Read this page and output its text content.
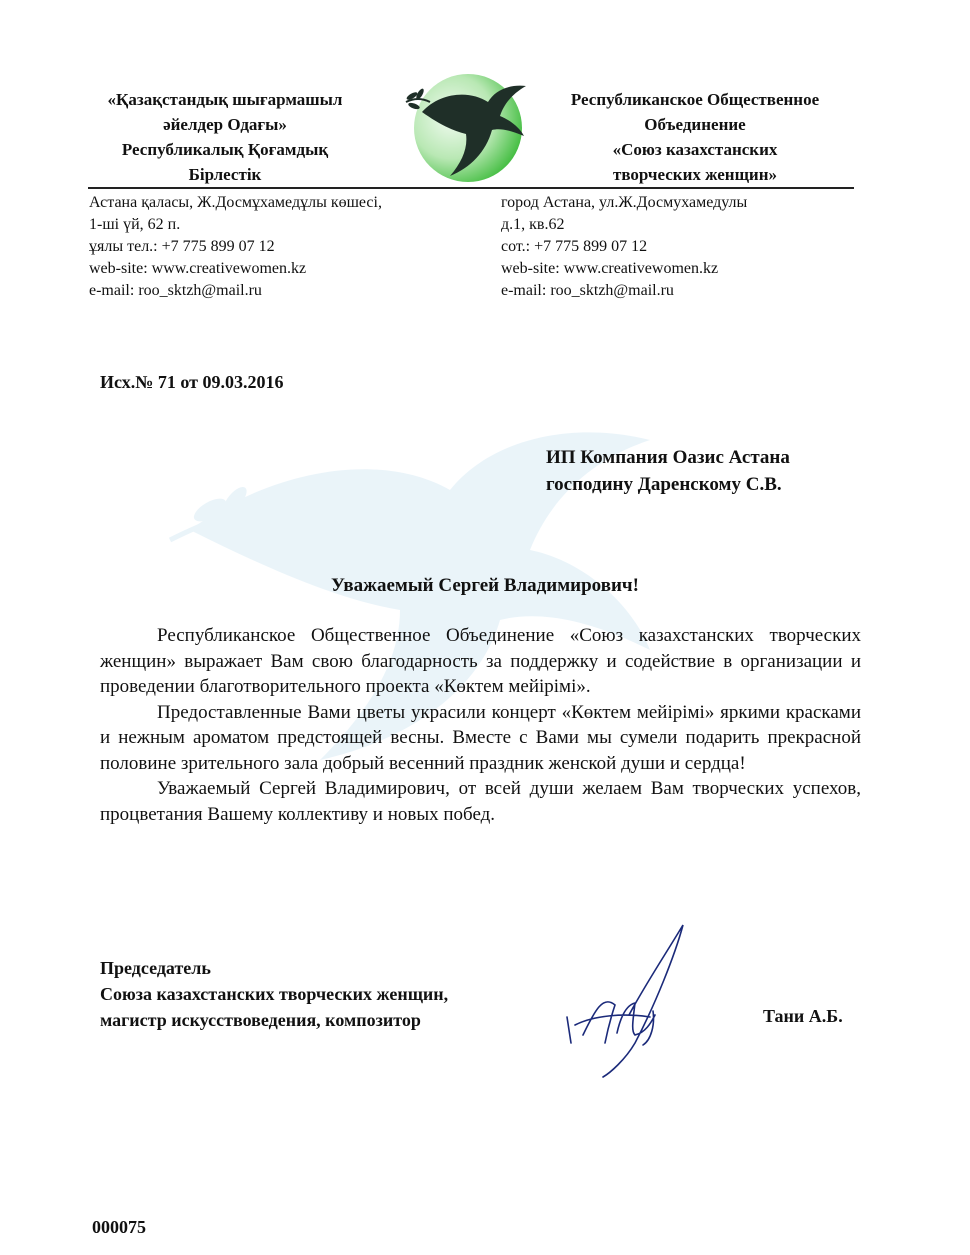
«Қазақстандық шығармашыл
әйелдер Одағы»
Республикалық Қоғамдық
Бірлестік
Республиканское Общественное
Объединение
«Союз казахстанских
творческих женщин»
Астана қаласы, Ж.Досмұхамедұлы көшесі,
1-ші үй, 62 п.
ұялы тел.: +7 775 899 07 12
web-site: www.creativewomen.kz
e-mail: roo_sktzh@mail.ru
город Астана, ул.Ж.Досмухамедулы
д.1, кв.62
сот.: +7 775 899 07 12
web-site: www.creativewomen.kz
e-mail: roo_sktzh@mail.ru
Исх.№ 71 от 09.03.2016
ИП Компания Оазис Астана
господину Даренскому С.В.
Уважаемый Сергей Владимирович!

Республиканское Общественное Объединение «Союз казахстанских творческих женщин» выражает Вам свою благодарность за поддержку и содействие в организации и проведении благотворительного проекта «Көктем мейірімі».

Предоставленные Вами цветы украсили концерт «Көктем мейірімі» яркими красками и нежным ароматом предстоящей весны. Вместе с Вами мы сумели подарить прекрасной половине зрительного зала добрый весенний праздник женской души и сердца!

Уважаемый Сергей Владимирович, от всей души желаем Вам творческих успехов, процветания Вашему коллективу и новых побед.

Председатель
Союза казахстанских творческих женщин,
магистр искусствоведения, композитор	Тани А.Б.
000075
